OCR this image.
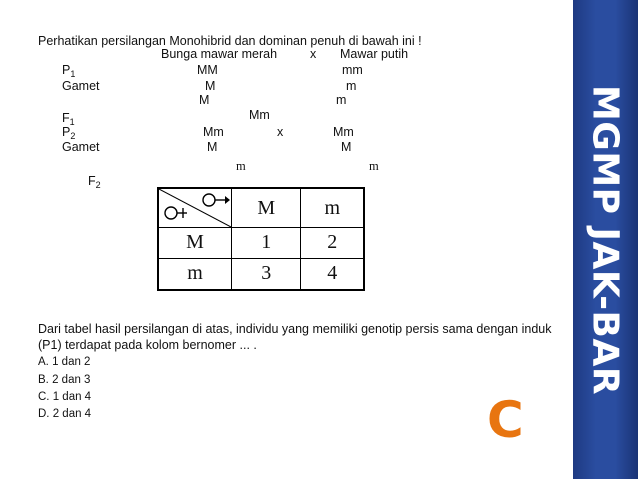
Perhatikan persilangan Monohibrid dan dominan penuh di bawah ini !
Bunga mawar merah	x Mawar putih
$P_1$	MM	mm
Gamet	M
M
m
m
$F_1$	Mm
$P_2$	Mm	x	Mm
Gamet	M
m
M
m
$F_2$
	M	m
M	1	2
m	3	4
Dari tabel hasil persilangan di atas, individu yang memiliki genotip persis sama dengan induk (P1) terdapat pada kolom bernomer ... .
A. 1 dan 2
B. 2 dan 3
C. 1 dan 4
D. 2 dan 4	C
MGMP JAK-BAR
